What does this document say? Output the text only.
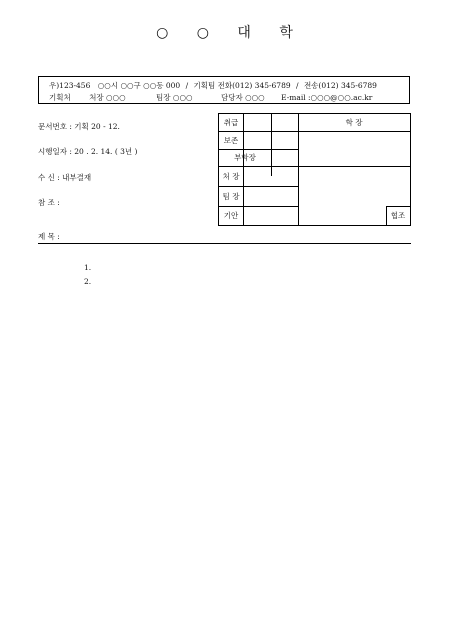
○ ○ 대 학
우)123-456 ○○시 ○○구 ○○동 000 / 기획팀 전화(012) 345-6789 / 전송(012) 345-6789
기획처 처장 ○○○	팀장 ○○○	담당자 ○○○ E-mail :○○○@○○.ac.kr
문서번호 : 기획 20 - 12.
시행일자 : 20 . 2. 14. ( 3년 )
수 신 : 내부결재
참 조 :
제 목 :
취급
보존
부학장
처 장
팀 장
기안
학 장
협조
1.
2.
